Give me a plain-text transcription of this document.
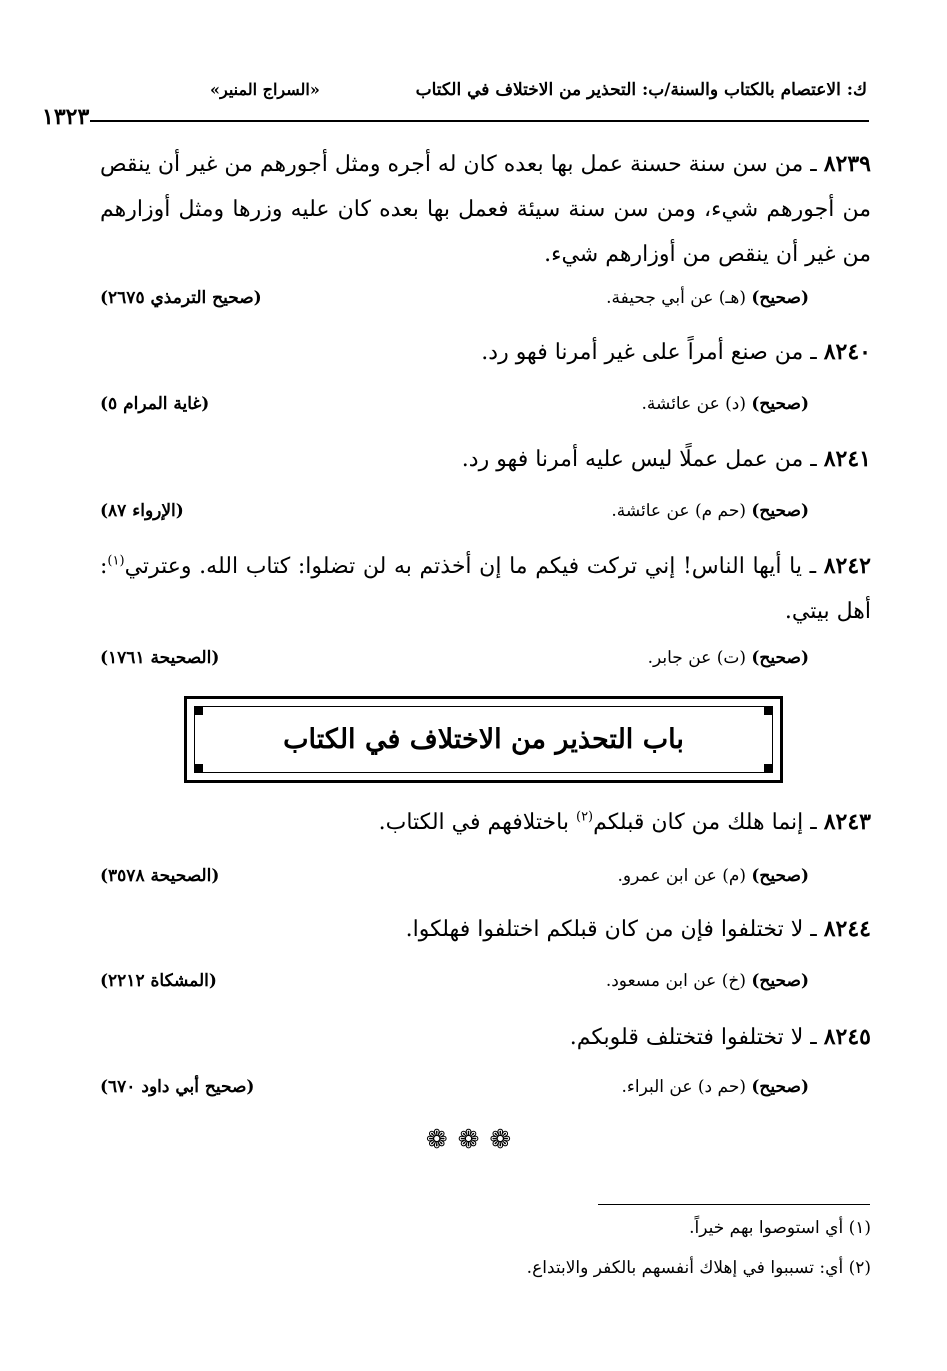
ك: الاعتصام بالكتاب والسنة/ب: التحذير من الاختلاف في الكتاب
«السراج المنير»
١٣٢٣
٨٢٣٩ ـ من سن سنة حسنة عمل بها بعده كان له أجره ومثل أجورهم من غير أن ينقص من أجورهم شيء، ومن سن سنة سيئة فعمل بها بعده كان عليه وزرها ومثل أوزارهم من غير أن ينقص من أوزارهم شيء.
(صحيح) (هـ) عن أبي جحيفة.
(صحيح الترمذي ٢٦٧٥)
٨٢٤٠ ـ من صنع أمراً على غير أمرنا فهو رد.
(صحيح) (د) عن عائشة.
(غاية المرام ٥)
٨٢٤١ ـ من عمل عملًا ليس عليه أمرنا فهو رد.
(صحيح) (حم م) عن عائشة.
(الإرواء ٨٧)
٨٢٤٢ ـ يا أيها الناس! إني تركت فيكم ما إن أخذتم به لن تضلوا: كتاب الله. وعترتي$^{(١)}$: أهل بيتي.
(صحيح) (ت) عن جابر.
(الصحيحة ١٧٦١)
باب التحذير من الاختلاف في الكتاب
٨٢٤٣ ـ إنما هلك من كان قبلكم$^{(٢)}$ باختلافهم في الكتاب.
(صحيح) (م) عن ابن عمرو.
(الصحيحة ٣٥٧٨)
٨٢٤٤ ـ لا تختلفوا فإن من كان قبلكم اختلفوا فهلكوا.
(صحيح) (خ) عن ابن مسعود.
(المشكاة ٢٢١٢)
٨٢٤٥ ـ لا تختلفوا فتختلف قلوبكم.
(صحيح) (حم د) عن البراء.
(صحيح أبي داود ٦٧٠)
❁❁❁
(١) أي استوصوا بهم خيراً.
(٢) أي: تسببوا في إهلاك أنفسهم بالكفر والابتداع.
